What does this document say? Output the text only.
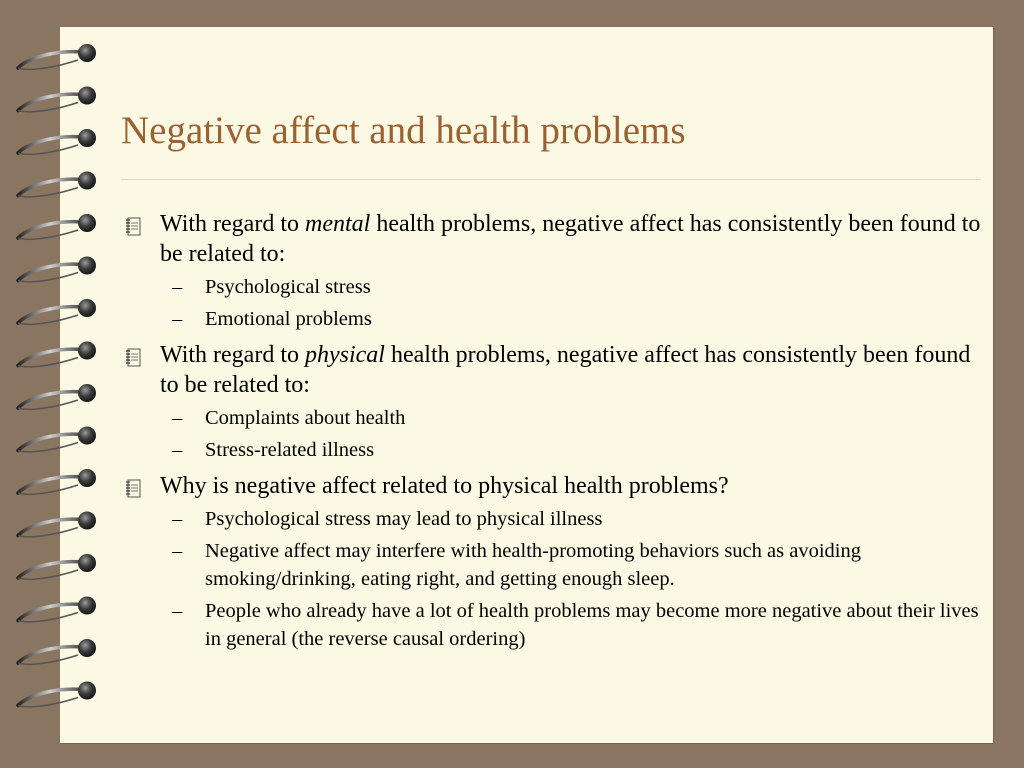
Negative affect and health problems
With regard to mental health problems, negative affect has consistently been found to be related to:
– Psychological stress
– Emotional problems
With regard to physical health problems, negative affect has consistently been found to be related to:
– Complaints about health
– Stress-related illness
Why is negative affect related to physical health problems?
– Psychological stress may lead to physical illness
– Negative affect may interfere with health-promoting behaviors such as avoiding smoking/drinking, eating right, and getting enough sleep.
– People who already have a lot of health problems may become more negative about their lives in general (the reverse causal ordering)
